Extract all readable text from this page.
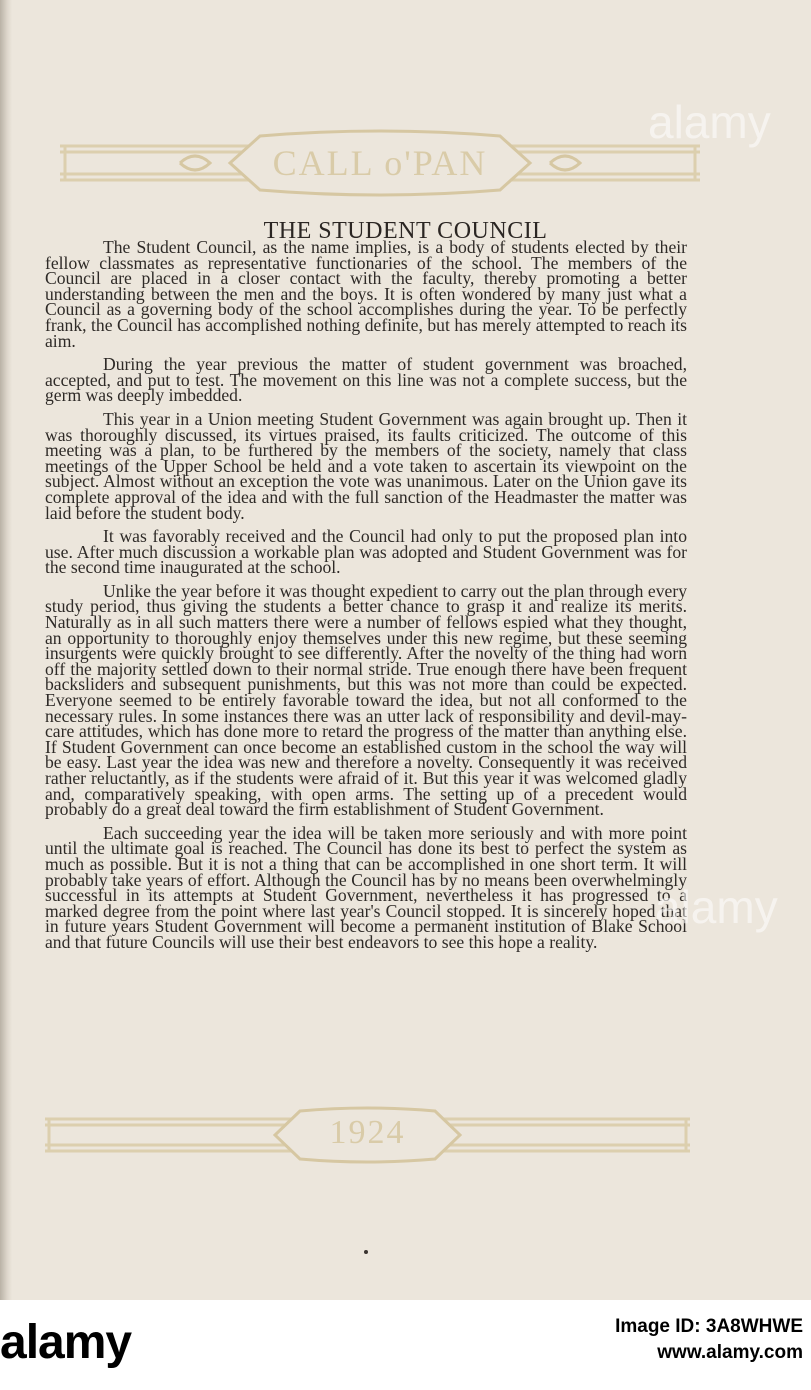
CALL o'PAN
THE STUDENT COUNCIL

The Student Council, as the name implies, is a body of students elected by their fellow classmates as representative functionaries of the school. The members of the Council are placed in a closer contact with the faculty, thereby promoting a better understanding between the men and the boys. It is often wondered by many just what a Council as a governing body of the school accomplishes during the year. To be perfectly frank, the Council has accomplished nothing definite, but has merely attempted to reach its aim.

During the year previous the matter of student government was broached, accepted, and put to test. The movement on this line was not a complete success, but the germ was deeply imbedded.

This year in a Union meeting Student Government was again brought up. Then it was thoroughly discussed, its virtues praised, its faults criticized. The outcome of this meeting was a plan, to be furthered by the members of the society, namely that class meetings of the Upper School be held and a vote taken to ascertain its viewpoint on the subject. Almost without an exception the vote was unanimous. Later on the Union gave its complete approval of the idea and with the full sanction of the Headmaster the matter was laid before the student body.

It was favorably received and the Council had only to put the proposed plan into use. After much discussion a workable plan was adopted and Student Government was for the second time inaugurated at the school.

Unlike the year before it was thought expedient to carry out the plan through every study period, thus giving the students a better chance to grasp it and realize its merits. Naturally as in all such matters there were a number of fellows espied what they thought, an opportunity to thoroughly enjoy themselves under this new regime, but these seeming insurgents were quickly brought to see differently. After the novelty of the thing had worn off the majority settled down to their normal stride. True enough there have been frequent backsliders and subsequent punishments, but this was not more than could be expected. Everyone seemed to be entirely favorable toward the idea, but not all conformed to the necessary rules. In some instances there was an utter lack of responsibility and devil-may-care attitudes, which has done more to retard the progress of the matter than anything else. If Student Government can once become an established custom in the school the way will be easy. Last year the idea was new and therefore a novelty. Consequently it was received rather reluctantly, as if the students were afraid of it. But this year it was welcomed gladly and, comparatively speaking, with open arms. The setting up of a precedent would probably do a great deal toward the firm establishment of Student Government.

Each succeeding year the idea will be taken more seriously and with more point until the ultimate goal is reached. The Council has done its best to perfect the system as much as possible. But it is not a thing that can be accomplished in one short term. It will probably take years of effort. Although the Council has by no means been overwhelmingly successful in its attempts at Student Government, nevertheless it has progressed to a marked degree from the point where last year's Council stopped. It is sincerely hoped that in future years Student Government will become a permanent institution of Blake School and that future Councils will use their best endeavors to see this hope a reality.

1924
alamy
alamy
alamy	Image ID: 3A8WHWE
www.alamy.com
